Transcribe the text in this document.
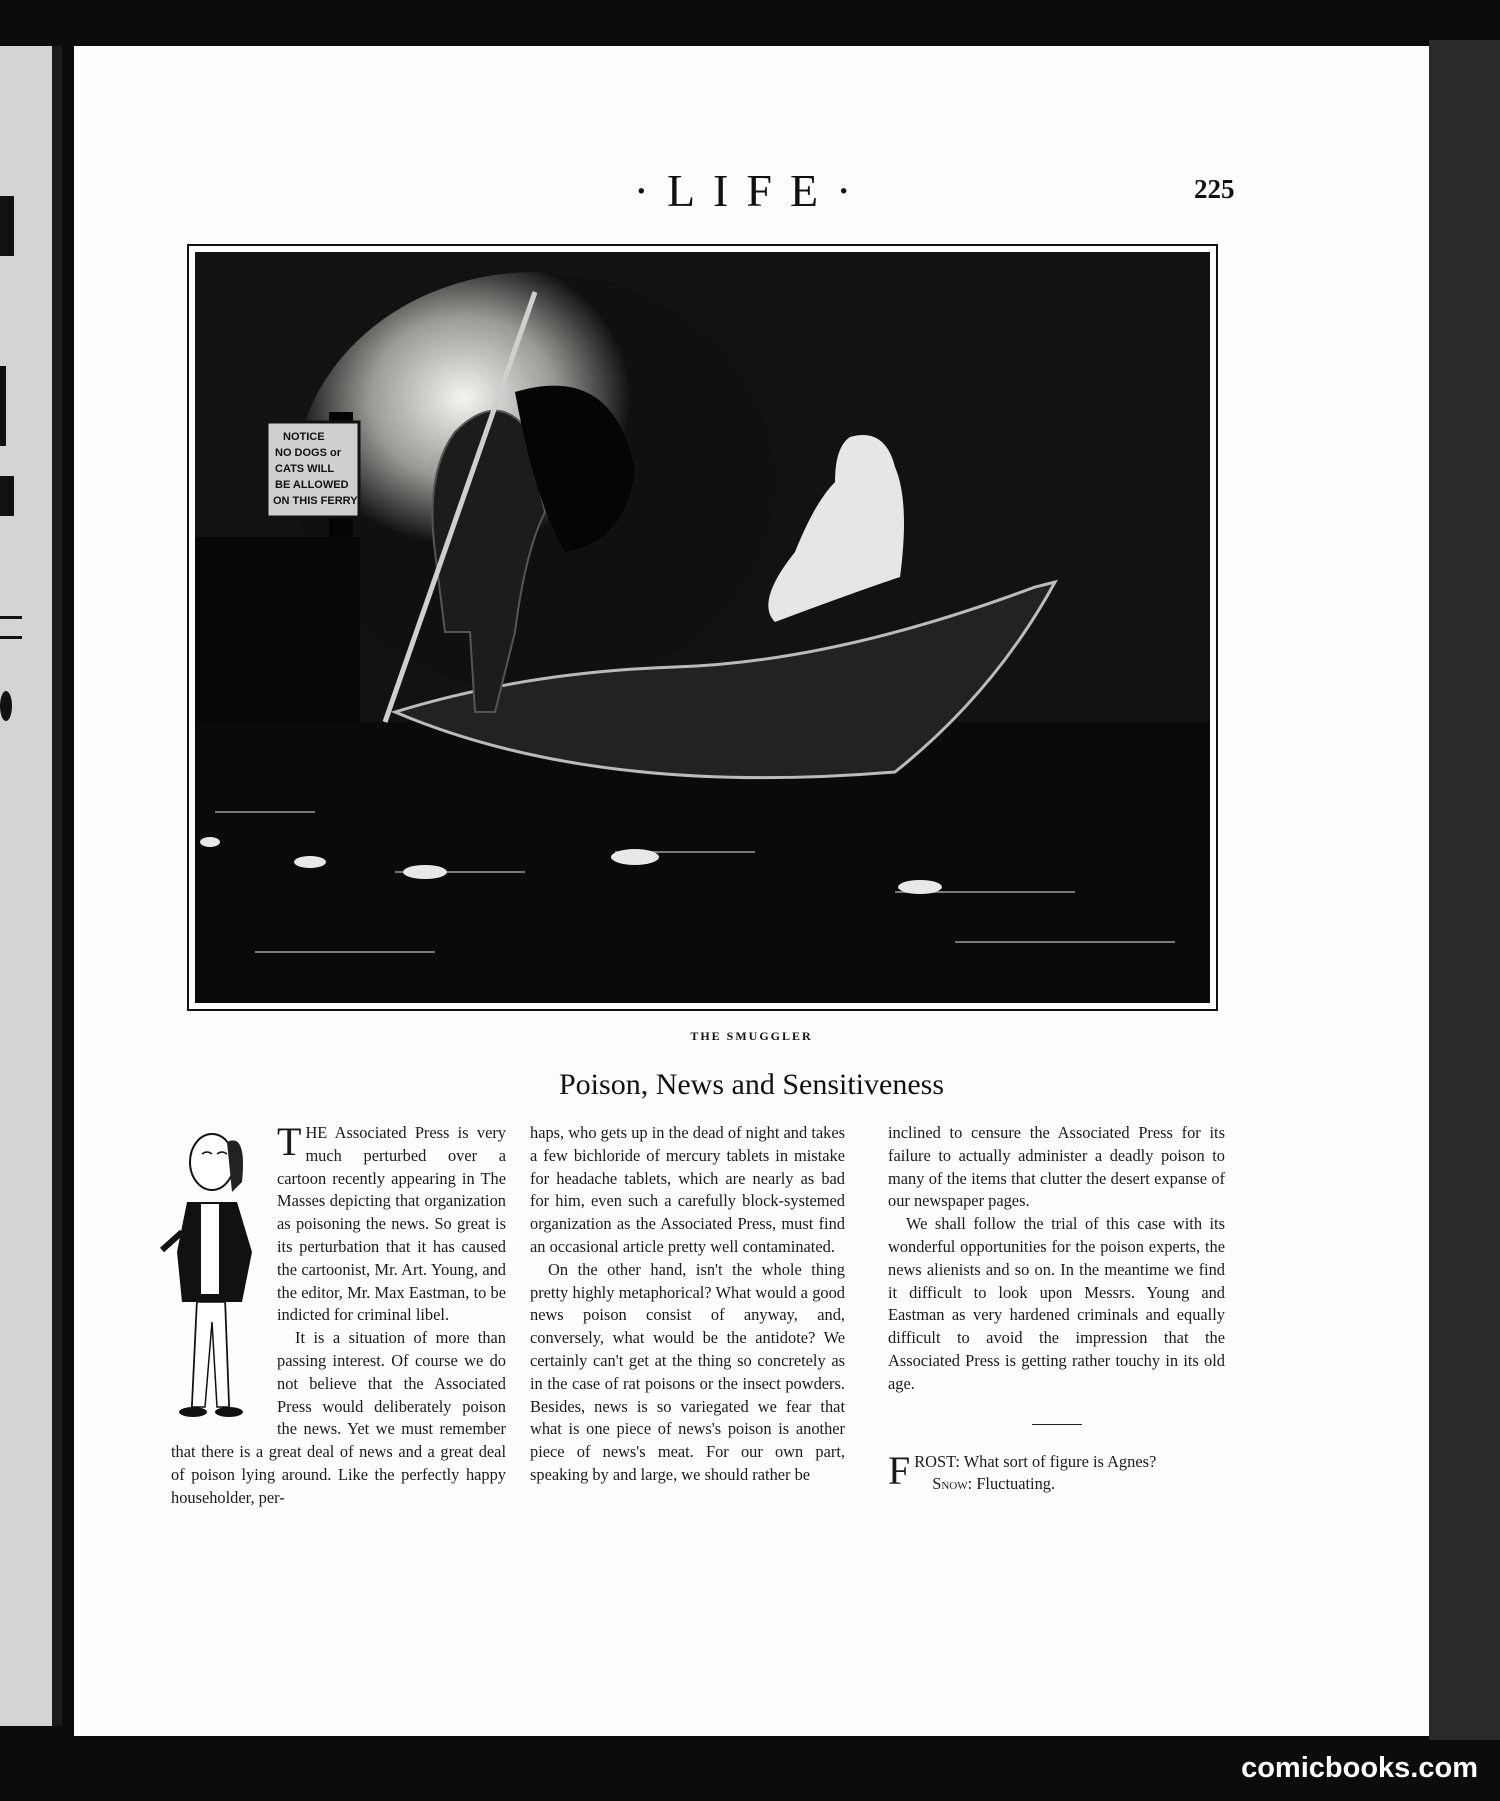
·LIFE·	225
NOTICE
NO DOGS or
CATS WILL
BE ALLOWED
ON THIS FERRY
THE SMUGGLER
Poison, News and Sensitiveness

THE Associated Press is very much perturbed over a cartoon recently appearing in The Masses depicting that organization as poisoning the news. So great is its perturbation that it has caused the cartoonist, Mr. Art. Young, and the editor, Mr. Max Eastman, to be indicted for criminal libel.

It is a situation of more than passing interest. Of course we do not believe that the Associated Press would deliberately poison the news. Yet we must remember that there is a great deal of news and a great deal of poison lying around. Like the perfectly happy householder, per-

haps, who gets up in the dead of night and takes a few bichloride of mercury tablets in mistake for headache tablets, which are nearly as bad for him, even such a carefully block-systemed organization as the Associated Press, must find an occasional article pretty well contaminated.

On the other hand, isn't the whole thing pretty highly metaphorical? What would a good news poison consist of anyway, and, conversely, what would be the antidote? We certainly can't get at the thing so concretely as in the case of rat poisons or the insect powders. Besides, news is so variegated we fear that what is one piece of news's poison is another piece of news's meat. For our own part, speaking by and large, we should rather be

inclined to censure the Associated Press for its failure to actually administer a deadly poison to many of the items that clutter the desert expanse of our newspaper pages.

We shall follow the trial of this case with its wonderful opportunities for the poison experts, the news alienists and so on. In the meantime we find it difficult to look upon Messrs. Young and Eastman as very hardened criminals and equally difficult to avoid the impression that the Associated Press is getting rather touchy in its old age.

FROST: What sort of figure is Agnes?

Snow: Fluctuating.

comicbooks.com
